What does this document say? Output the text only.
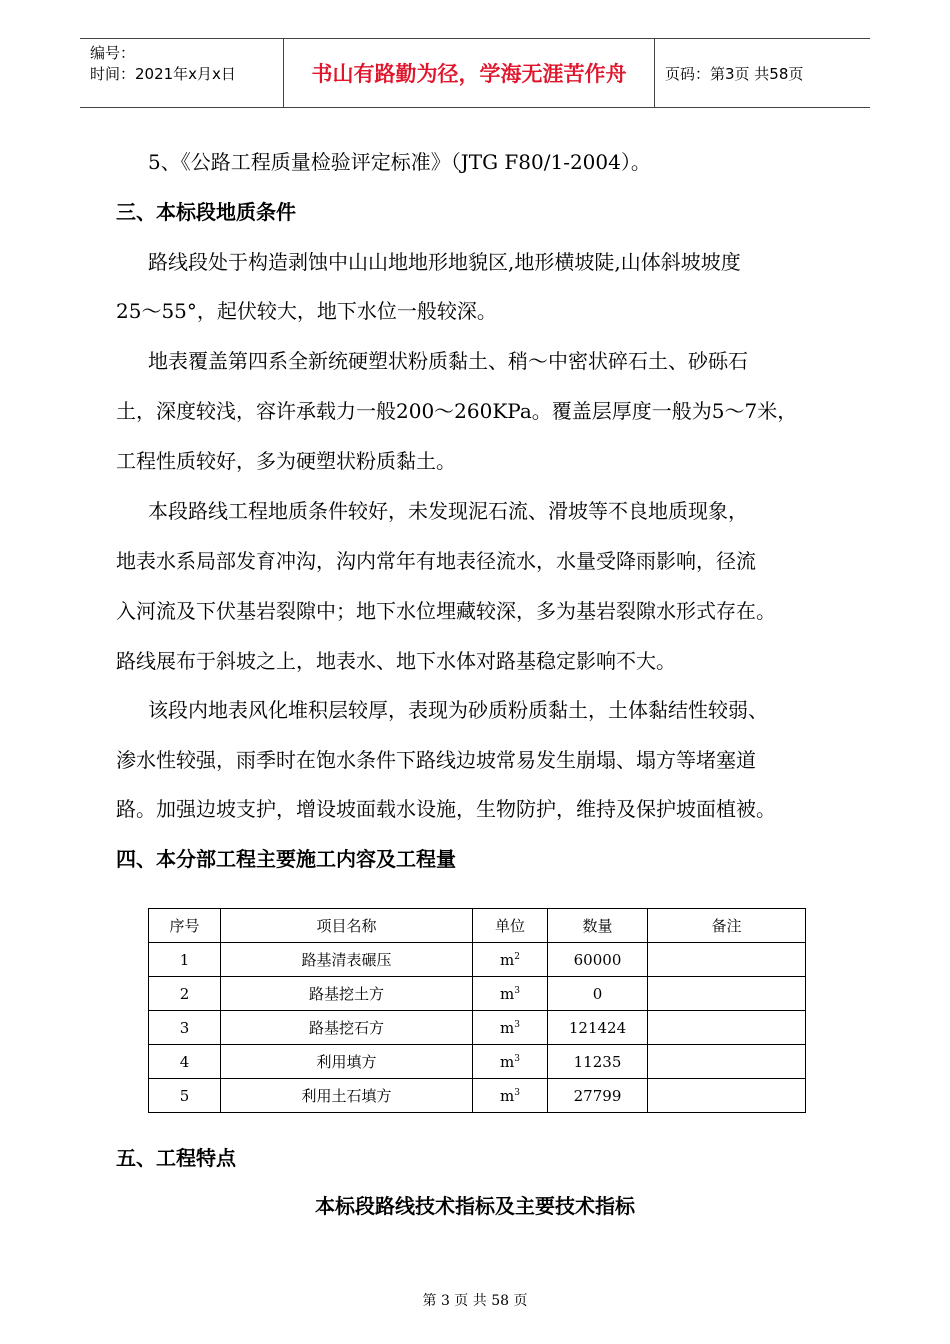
编号：
时间：2021年x月x日	书山有路勤为径，学海无涯苦作舟	页码：第3页 共58页
5、《公路工程质量检验评定标准》（JTG F80/1-2004）。
三、本标段地质条件
路线段处于构造剥蚀中山山地地形地貌区,地形横坡陡,山体斜坡坡度
25～55°，起伏较大，地下水位一般较深。
地表覆盖第四系全新统硬塑状粉质黏土、稍～中密状碎石土、砂砾石
土，深度较浅，容许承载力一般200～260KPa。覆盖层厚度一般为5～7米，
工程性质较好，多为硬塑状粉质黏土。
本段路线工程地质条件较好，未发现泥石流、滑坡等不良地质现象，
地表水系局部发育冲沟，沟内常年有地表径流水，水量受降雨影响，径流
入河流及下伏基岩裂隙中；地下水位埋藏较深，多为基岩裂隙水形式存在。
路线展布于斜坡之上，地表水、地下水体对路基稳定影响不大。
该段内地表风化堆积层较厚，表现为砂质粉质黏土，土体黏结性较弱、
渗水性较强，雨季时在饱水条件下路线边坡常易发生崩塌、塌方等堵塞道
路。加强边坡支护，增设坡面载水设施，生物防护，维持及保护坡面植被。
四、本分部工程主要施工内容及工程量
序号	项目名称	单位	数量	备注
1	路基清表碾压	$m^2$	60000	
2	路基挖土方	$m^3$	0	
3	路基挖石方	$m^3$	121424	
4	利用填方	$m^3$	11235	
5	利用土石填方	$m^3$	27799	
五、工程特点
本标段路线技术指标及主要技术指标
第 3 页 共 58 页
